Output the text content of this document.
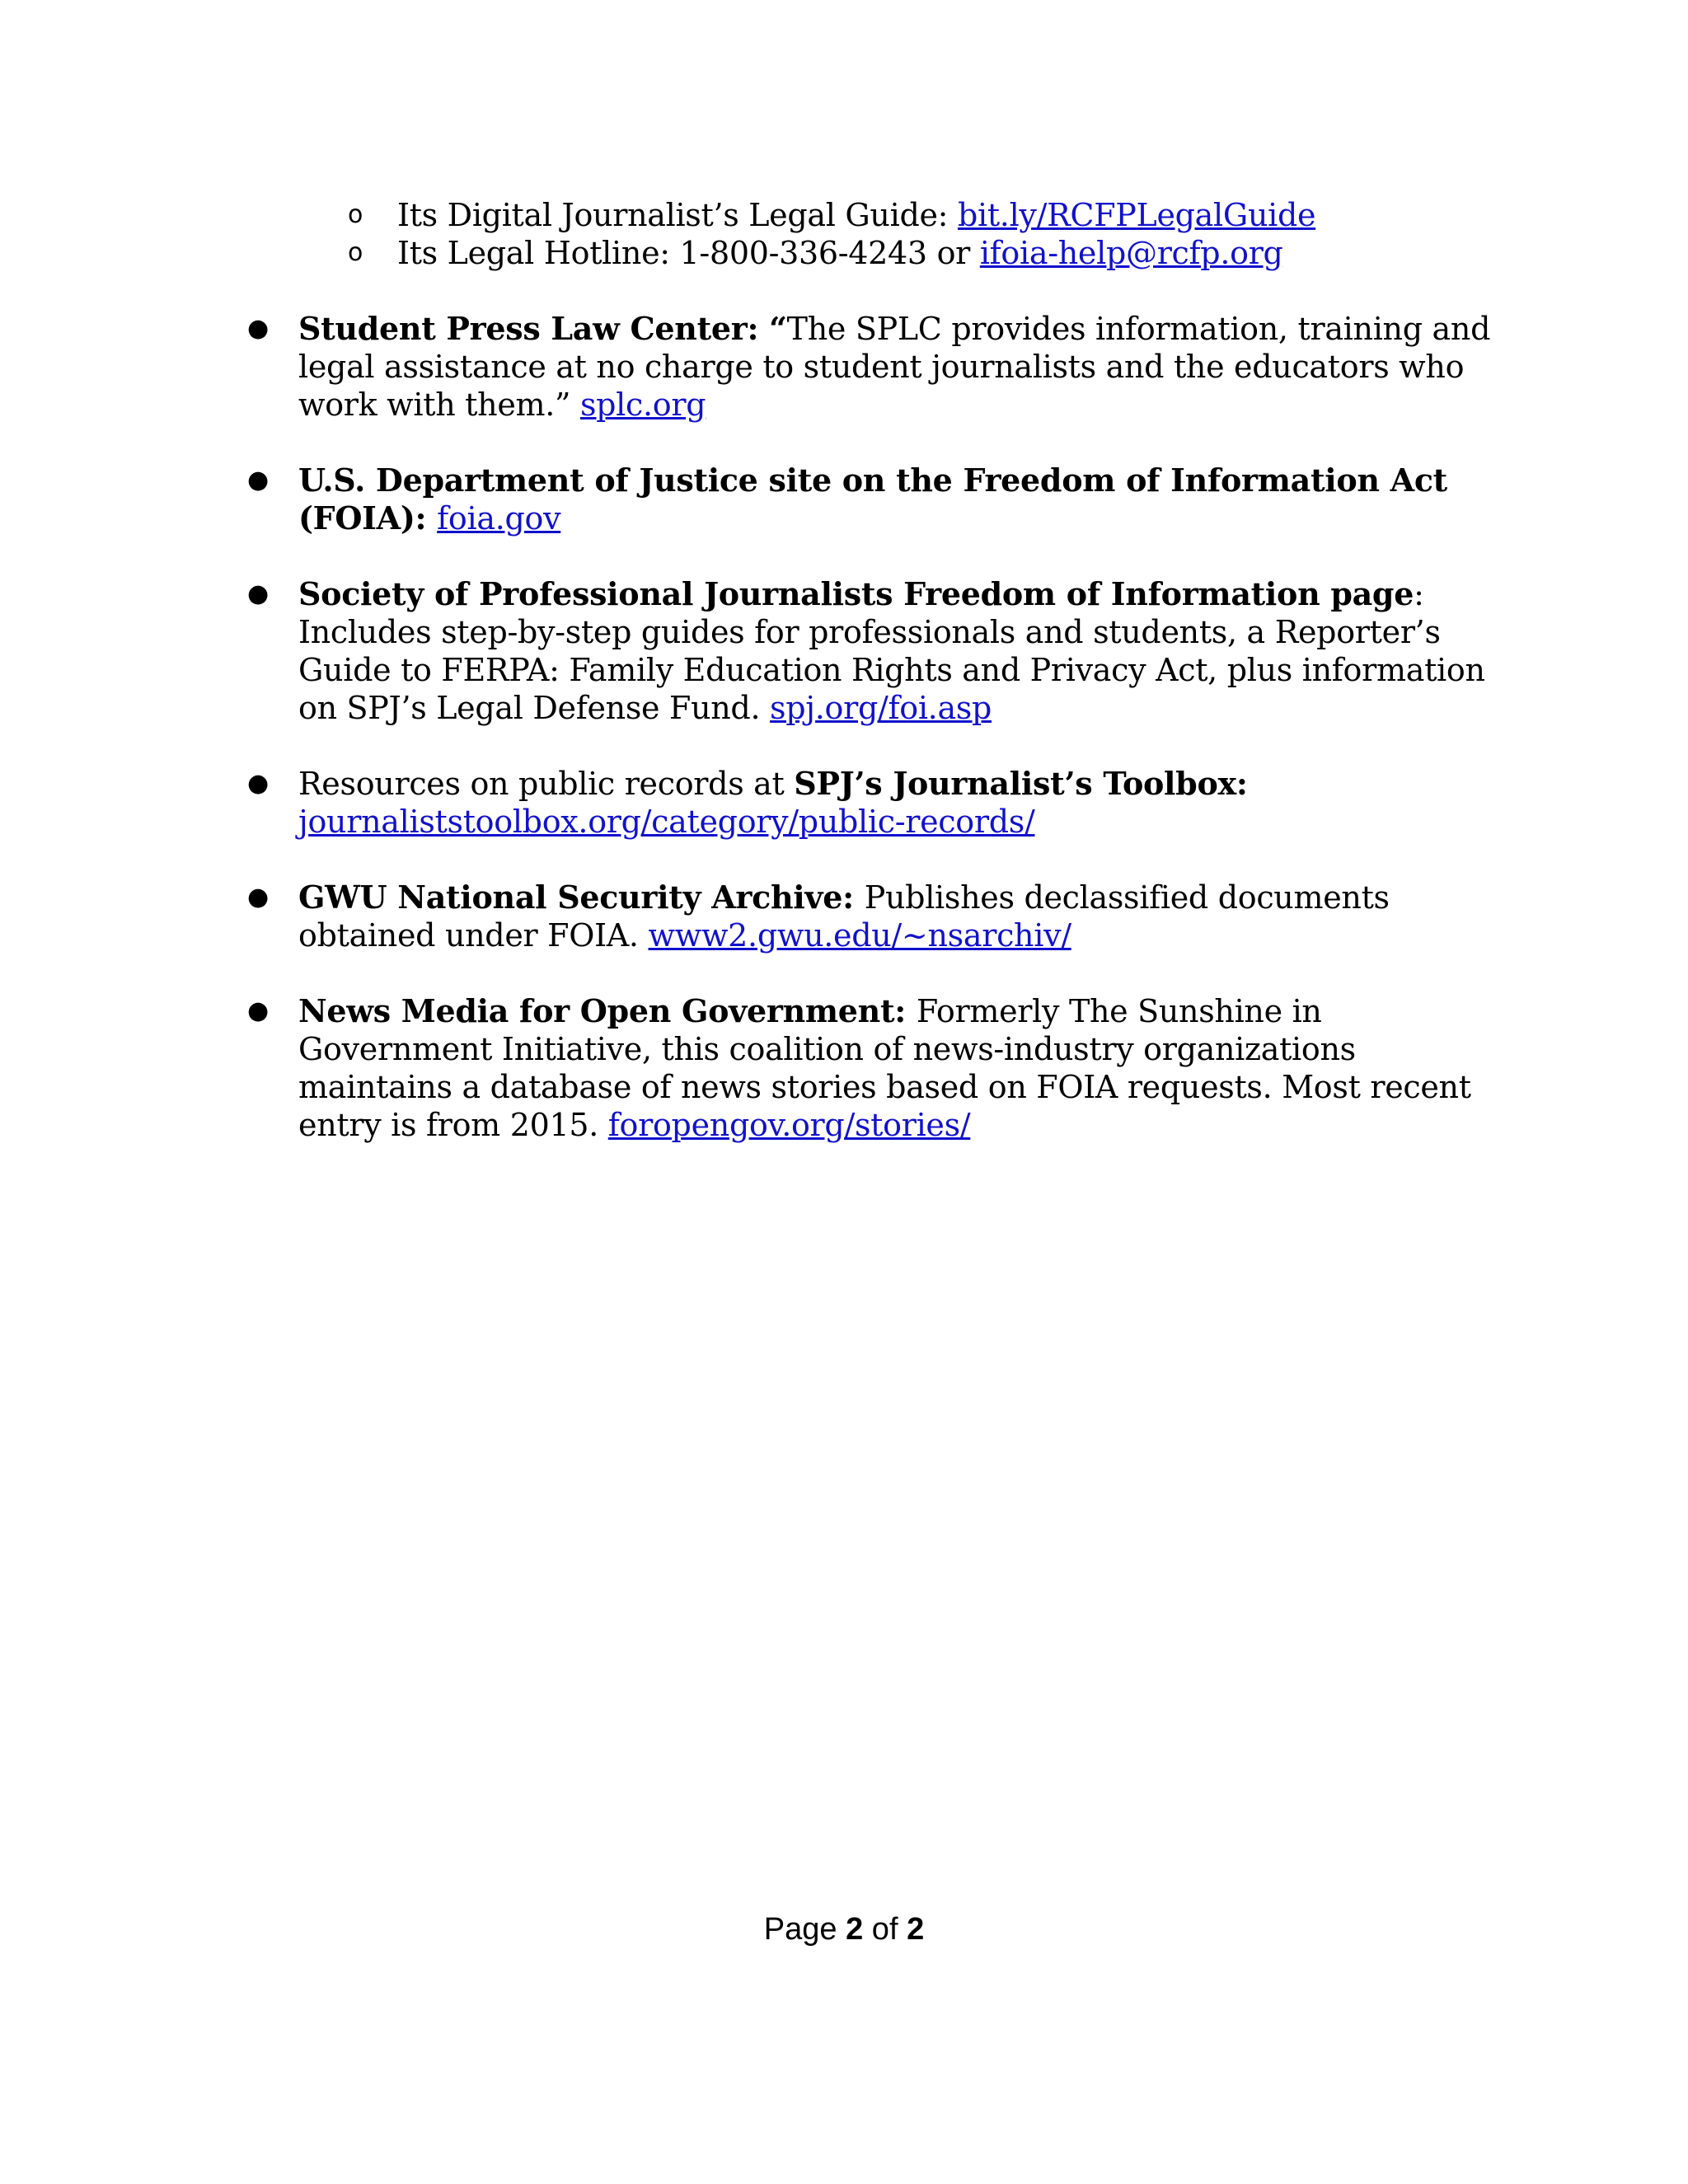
o Its Digital Journalist’s Legal Guide: bit.ly/RCFPLegalGuide
o Its Legal Hotline: 1-800-336-4243 or ifoia-help@rcfp.org
● Student Press Law Center: “The SPLC provides information, training and legal assistance at no charge to student journalists and the educators who work with them.” splc.org
● U.S. Department of Justice site on the Freedom of Information Act (FOIA): foia.gov
● Society of Professional Journalists Freedom of Information page: Includes step-by-step guides for professionals and students, a Reporter’s Guide to FERPA: Family Education Rights and Privacy Act, plus information on SPJ’s Legal Defense Fund. spj.org/foi.asp
● Resources on public records at SPJ’s Journalist’s Toolbox: journaliststoolbox.org/category/public-records/
● GWU National Security Archive: Publishes declassified documents obtained under FOIA. www2.gwu.edu/~nsarchiv/
● News Media for Open Government: Formerly The Sunshine in Government Initiative, this coalition of news-industry organizations maintains a database of news stories based on FOIA requests. Most recent entry is from 2015. foropengov.org/stories/
Page 2 of 2
